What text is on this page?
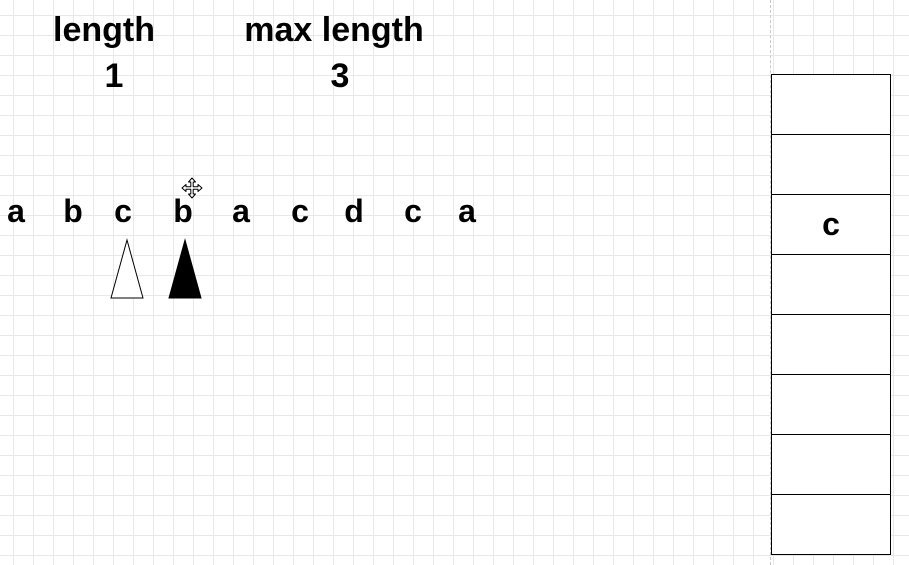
length
1
max length
3
a b c b a c d c a	c
